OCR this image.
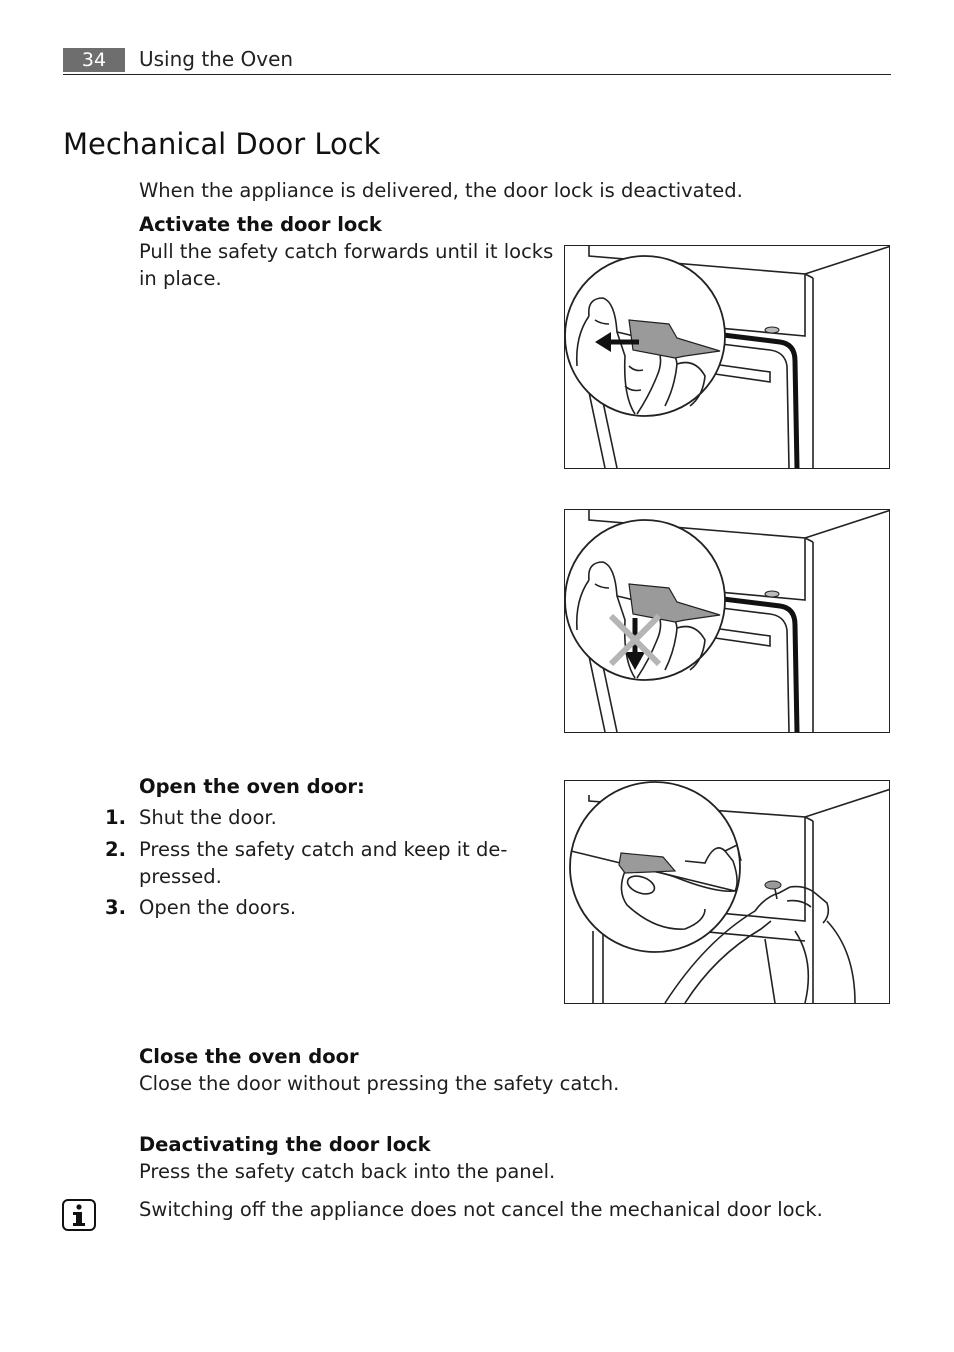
34	Using the Oven
Mechanical Door Lock
When the appliance is delivered, the door lock is deactivated.
Activate the door lock
Pull the safety catch forwards until it locks
in place.
Open the oven door:
1. Shut the door.
2. Press the safety catch and keep it de-
pressed.
3. Open the doors.
Close the oven door
Close the door without pressing the safety catch.
Deactivating the door lock
Press the safety catch back into the panel.
Switching off the appliance does not cancel the mechanical door lock.
